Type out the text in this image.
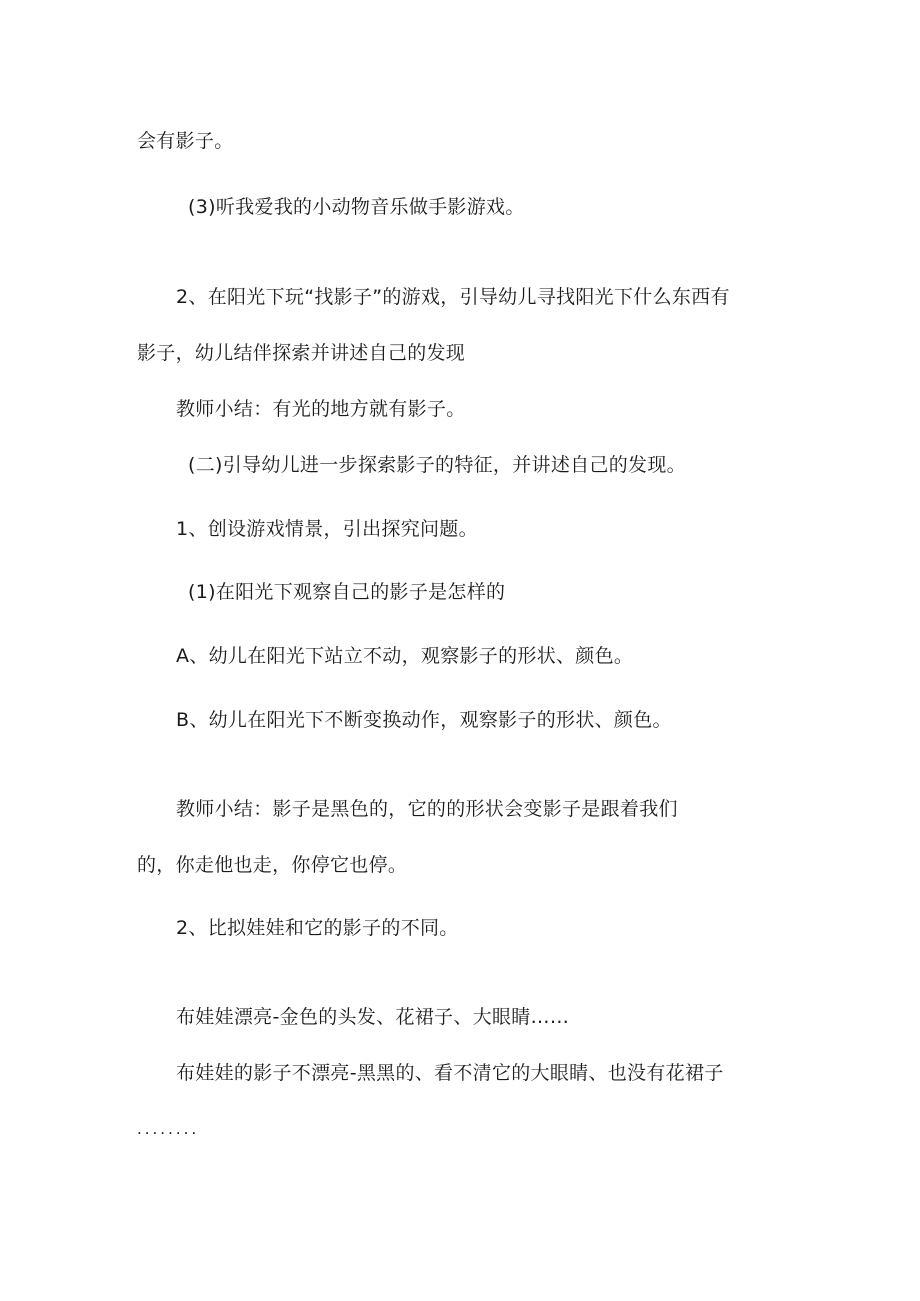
会有影子。
(3)听我爱我的小动物音乐做手影游戏。
2、在阳光下玩“找影子”的游戏，引导幼儿寻找阳光下什么东西有
影子，幼儿结伴探索并讲述自己的发现
教师小结：有光的地方就有影子。
(二)引导幼儿进一步探索影子的特征，并讲述自己的发现。
1、创设游戏情景，引出探究问题。
(1)在阳光下观察自己的影子是怎样的
A、幼儿在阳光下站立不动，观察影子的形状、颜色。
B、幼儿在阳光下不断变换动作，观察影子的形状、颜色。
教师小结：影子是黑色的，它的的形状会变影子是跟着我们
的，你走他也走，你停它也停。
2、比拟娃娃和它的影子的不同。
布娃娃漂亮-金色的头发、花裙子、大眼睛……
布娃娃的影子不漂亮-黑黑的、看不清它的大眼睛、也没有花裙子
........
